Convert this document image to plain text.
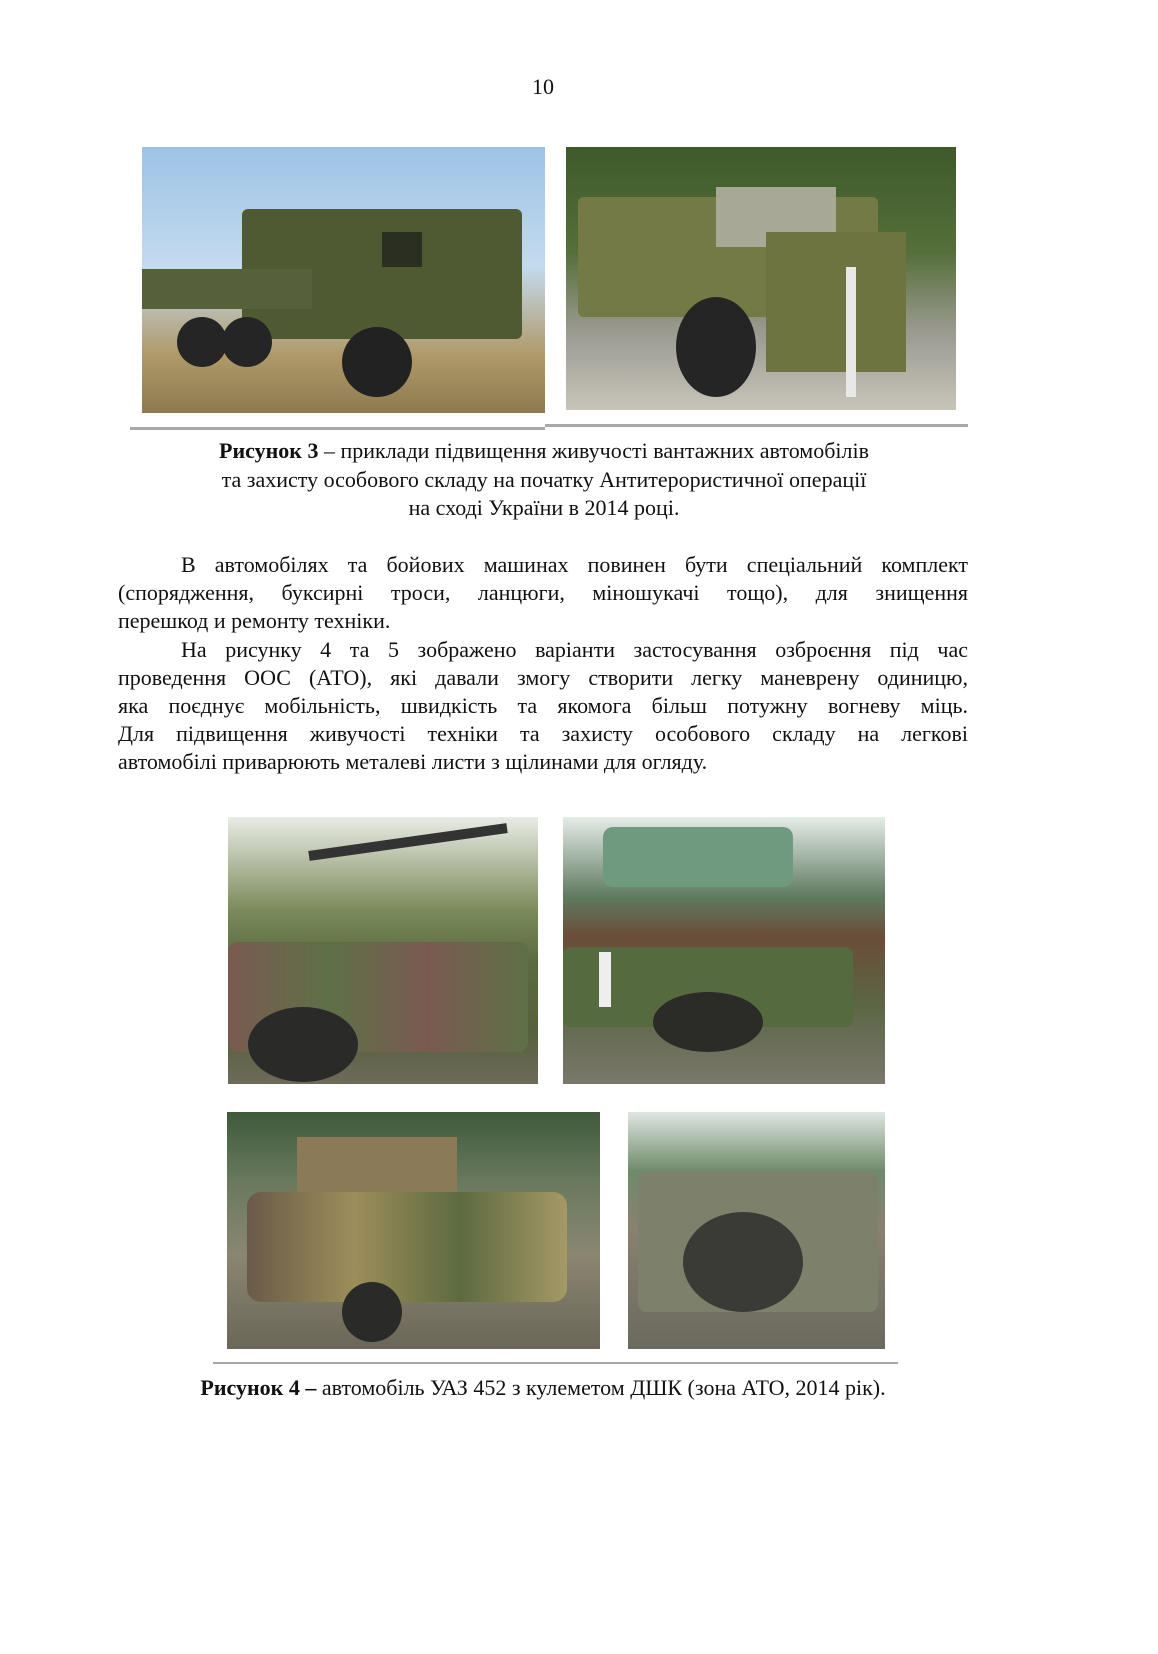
10
Рисунок 3 – приклади підвищення живучості вантажних автомобілів
та захисту особового складу на початку Антитерористичної операції
на сході України в 2014 році.
В автомобілях та бойових машинах повинен бути спеціальний комплект
(спорядження, буксирні троси, ланцюги, міношукачі тощо), для знищення
перешкод и ремонту техніки.
На рисунку 4 та 5 зображено варіанти застосування озброєння під час
проведення ООС (АТО), які давали змогу створити легку маневрену одиницю,
яка поєднує мобільність, швидкість та якомога більш потужну вогневу міць.
Для підвищення живучості техніки та захисту особового складу на легкові
автомобілі приварюють металеві листи з щілинами для огляду.
Рисунок 4 – автомобіль УАЗ 452 з кулеметом ДШК (зона АТО, 2014 рік).
